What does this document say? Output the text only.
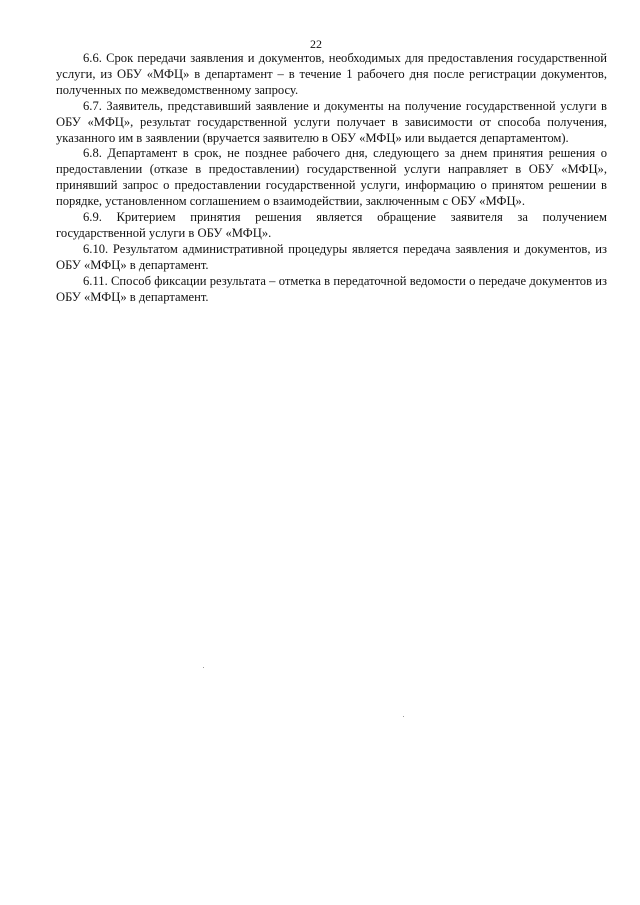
22

6.6. Срок передачи заявления и документов, необходимых для предоставления государственной услуги, из ОБУ «МФЦ» в департамент – в течение 1 рабочего дня после регистрации документов, полученных по межведомственному запросу.

6.7. Заявитель, представивший заявление и документы на получение государственной услуги в ОБУ «МФЦ», результат государственной услуги получает в зависимости от способа получения, указанного им в заявлении (вручается заявителю в ОБУ «МФЦ» или выдается департаментом).

6.8. Департамент в срок, не позднее рабочего дня, следующего за днем принятия решения о предоставлении (отказе в предоставлении) государственной услуги направляет в ОБУ «МФЦ», принявший запрос о предоставлении государственной услуги, информацию о принятом решении в порядке, установленном соглашением о взаимодействии, заключенным с ОБУ «МФЦ».

6.9. Критерием принятия решения является обращение заявителя за получением государственной услуги в ОБУ «МФЦ».

6.10. Результатом административной процедуры является передача заявления и документов, из ОБУ «МФЦ» в департамент.

6.11. Способ фиксации результата – отметка в передаточной ведомости о передаче документов из ОБУ «МФЦ» в департамент.
